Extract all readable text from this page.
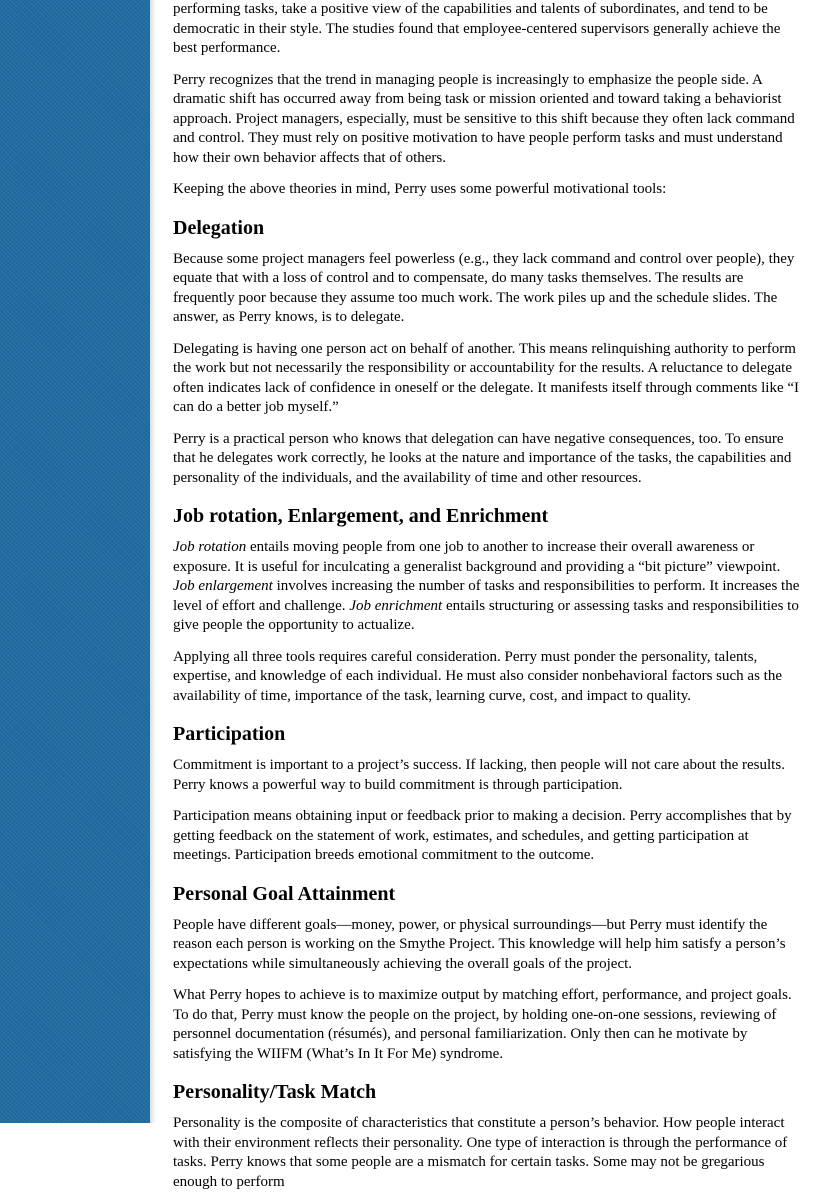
performing tasks, take a positive view of the capabilities and talents of subordinates, and tend to be democratic in their style. The studies found that employee-centered supervisors generally achieve the best performance.

Perry recognizes that the trend in managing people is increasingly to emphasize the people side. A dramatic shift has occurred away from being task or mission oriented and toward taking a behaviorist approach. Project managers, especially, must be sensitive to this shift because they often lack command and control. They must rely on positive motivation to have people perform tasks and must understand how their own behavior affects that of others.

Keeping the above theories in mind, Perry uses some powerful motivational tools:

Delegation

Because some project managers feel powerless (e.g., they lack command and control over people), they equate that with a loss of control and to compensate, do many tasks themselves. The results are frequently poor because they assume too much work. The work piles up and the schedule slides. The answer, as Perry knows, is to delegate.

Delegating is having one person act on behalf of another. This means relinquishing authority to perform the work but not necessarily the responsibility or accountability for the results. A reluctance to delegate often indicates lack of confidence in oneself or the delegate. It manifests itself through comments like “I can do a better job myself.”

Perry is a practical person who knows that delegation can have negative consequences, too. To ensure that he delegates work correctly, he looks at the nature and importance of the tasks, the capabilities and personality of the individuals, and the availability of time and other resources.

Job rotation, Enlargement, and Enrichment

Job rotation entails moving people from one job to another to increase their overall awareness or exposure. It is useful for inculcating a generalist background and providing a “bit picture” viewpoint. Job enlargement involves increasing the number of tasks and responsibilities to perform. It increases the level of effort and challenge. Job enrichment entails structuring or assessing tasks and responsibilities to give people the opportunity to actualize.

Applying all three tools requires careful consideration. Perry must ponder the personality, talents, expertise, and knowledge of each individual. He must also consider nonbehavioral factors such as the availability of time, importance of the task, learning curve, cost, and impact to quality.

Participation

Commitment is important to a project’s success. If lacking, then people will not care about the results. Perry knows a powerful way to build commitment is through participation.

Participation means obtaining input or feedback prior to making a decision. Perry accomplishes that by getting feedback on the statement of work, estimates, and schedules, and getting participation at meetings. Participation breeds emotional commitment to the outcome.

Personal Goal Attainment

People have different goals—money, power, or physical surroundings—but Perry must identify the reason each person is working on the Smythe Project. This knowledge will help him satisfy a person’s expectations while simultaneously achieving the overall goals of the project.

What Perry hopes to achieve is to maximize output by matching effort, performance, and project goals. To do that, Perry must know the people on the project, by holding one-on-one sessions, reviewing of personnel documentation (résumés), and personal familiarization. Only then can he motivate by satisfying the WIIFM (What’s In It For Me) syndrome.

Personality/Task Match

Personality is the composite of characteristics that constitute a person’s behavior. How people interact with their environment reflects their personality. One type of interaction is through the performance of tasks. Perry knows that some people are a mismatch for certain tasks. Some may not be gregarious enough to perform
